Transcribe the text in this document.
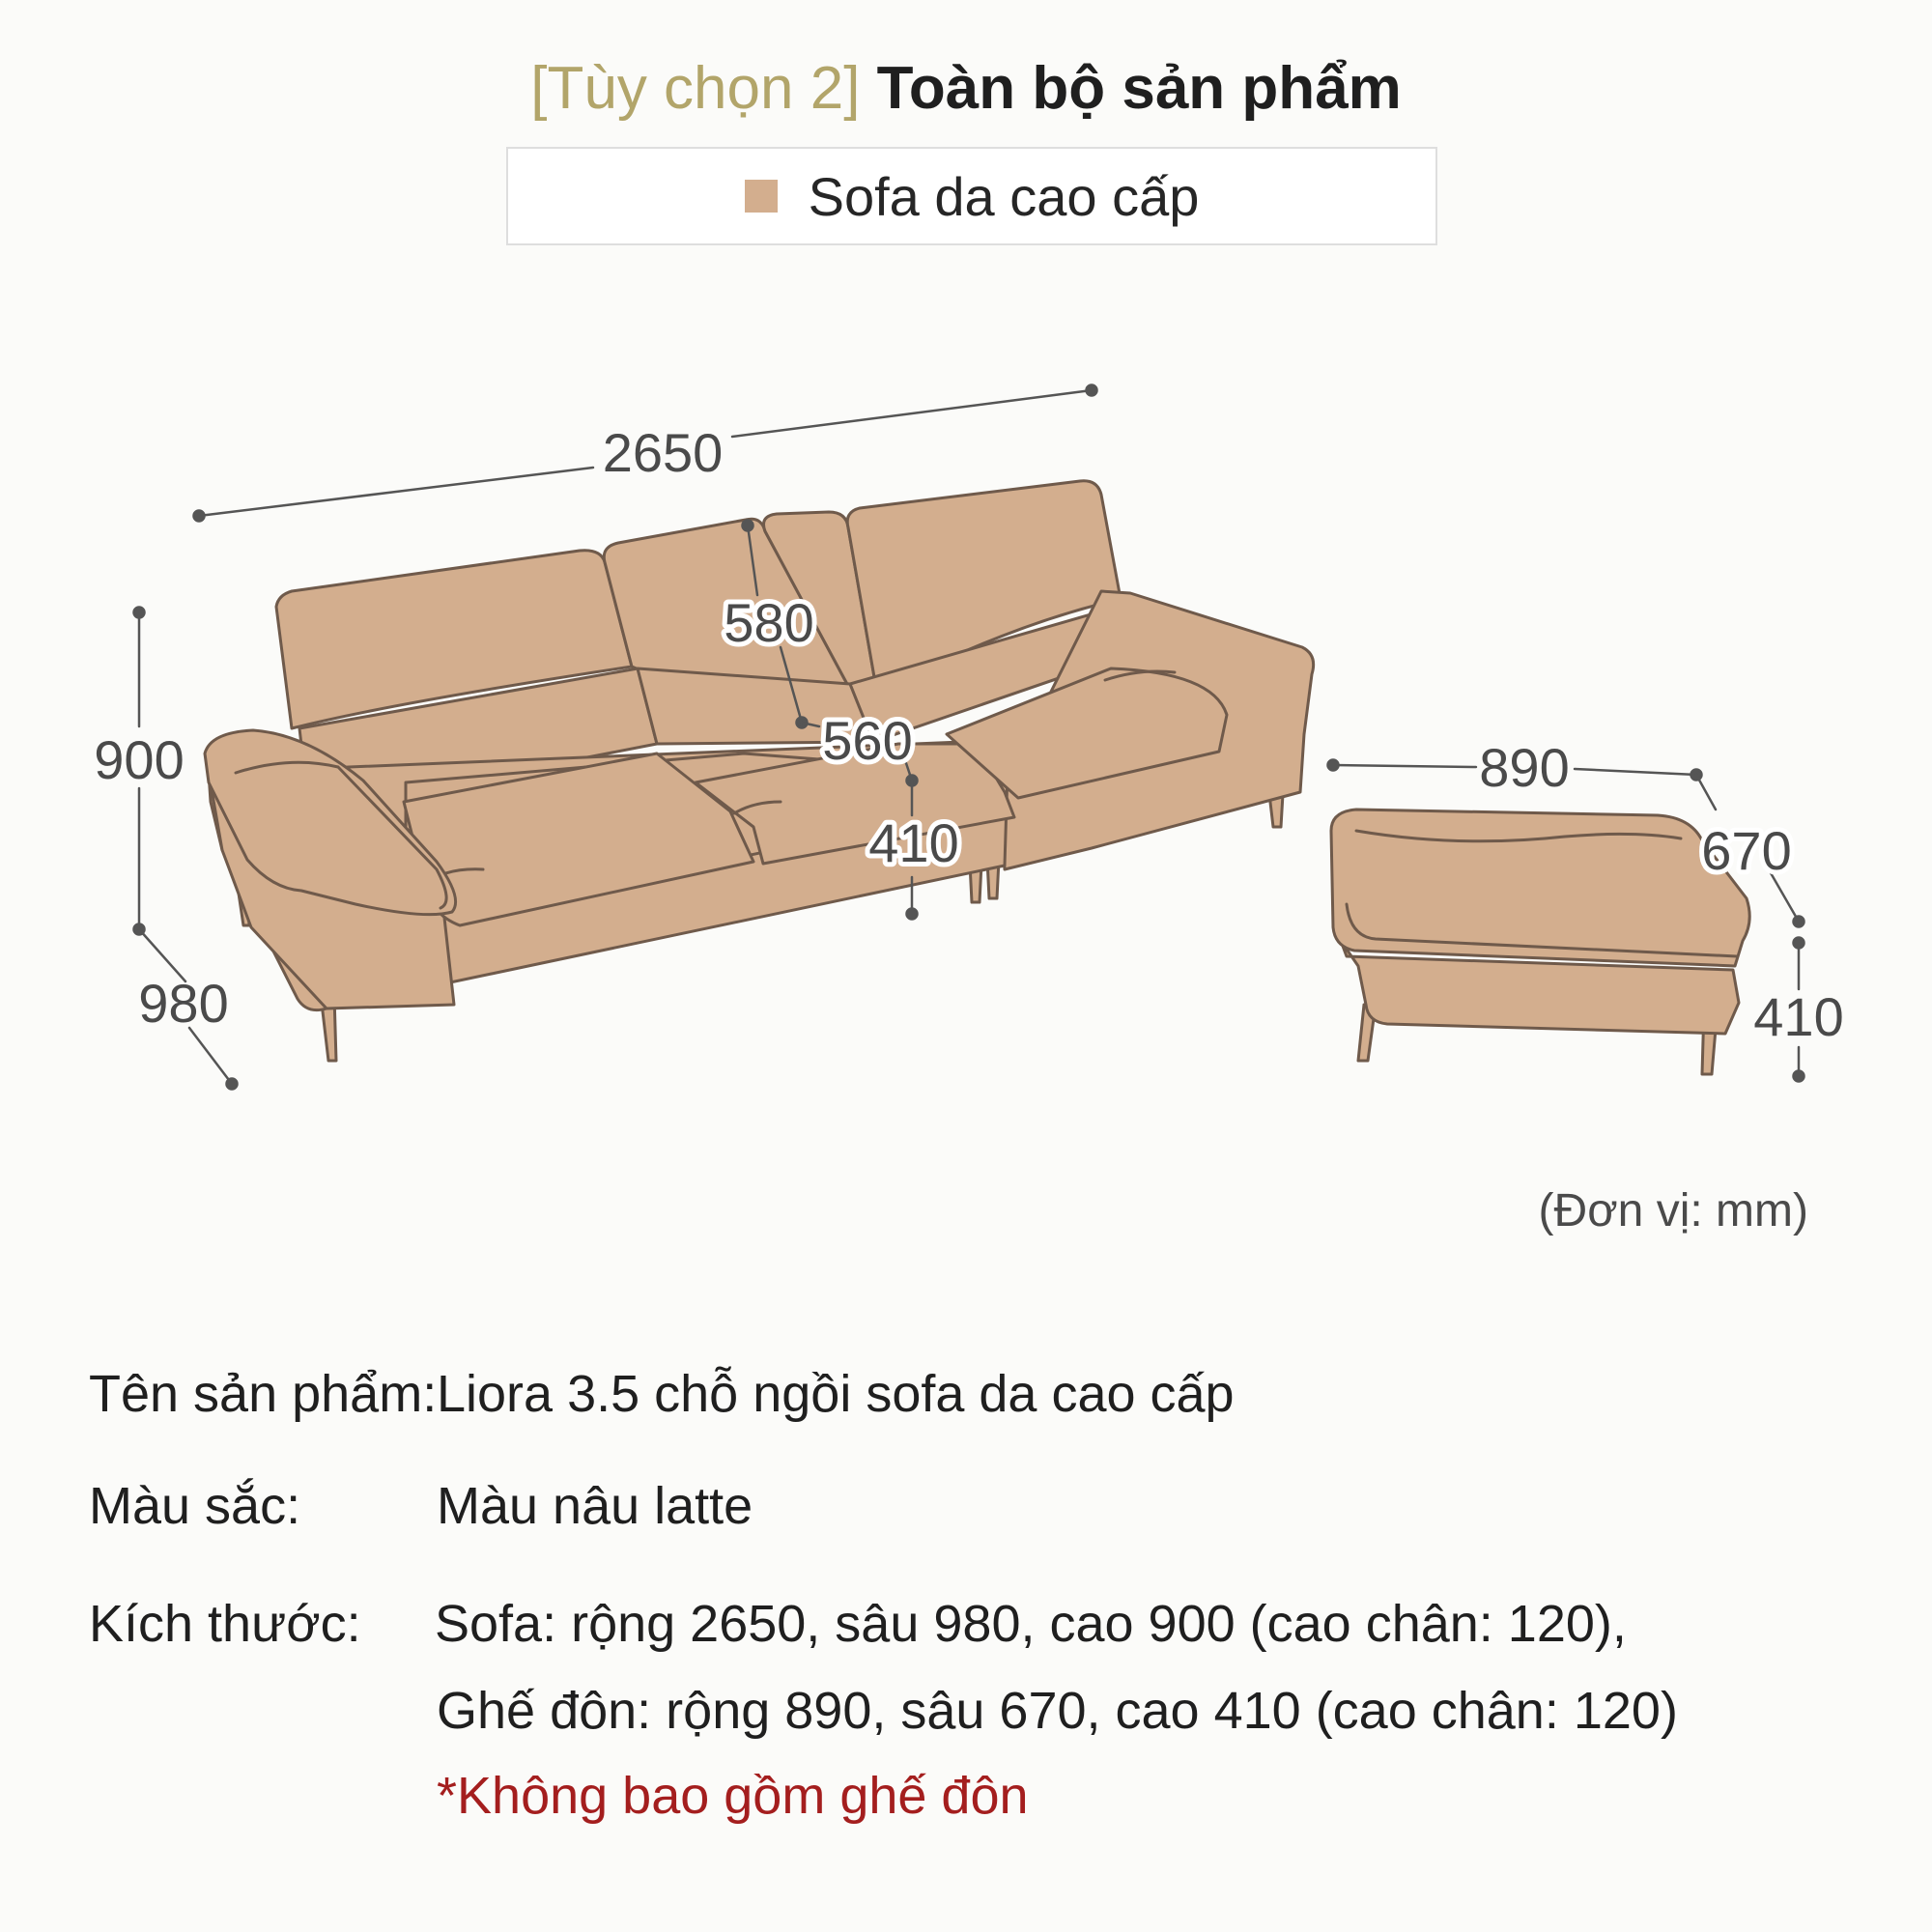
[Tùy chọn 2] Toàn bộ sản phẩm
Sofa da cao cấp
2650
900
980
580
560
410
890
670
410
(Đơn vị: mm)
Tên sản phẩm: Liora 3.5 chỗ ngồi sofa da cao cấp
Màu sắc:	Màu nâu latte
Kích thước: Sofa: rộng 2650, sâu 980, cao 900 (cao chân: 120),
Ghế đôn: rộng 890, sâu 670, cao 410 (cao chân: 120)
*Không bao gồm ghế đôn
